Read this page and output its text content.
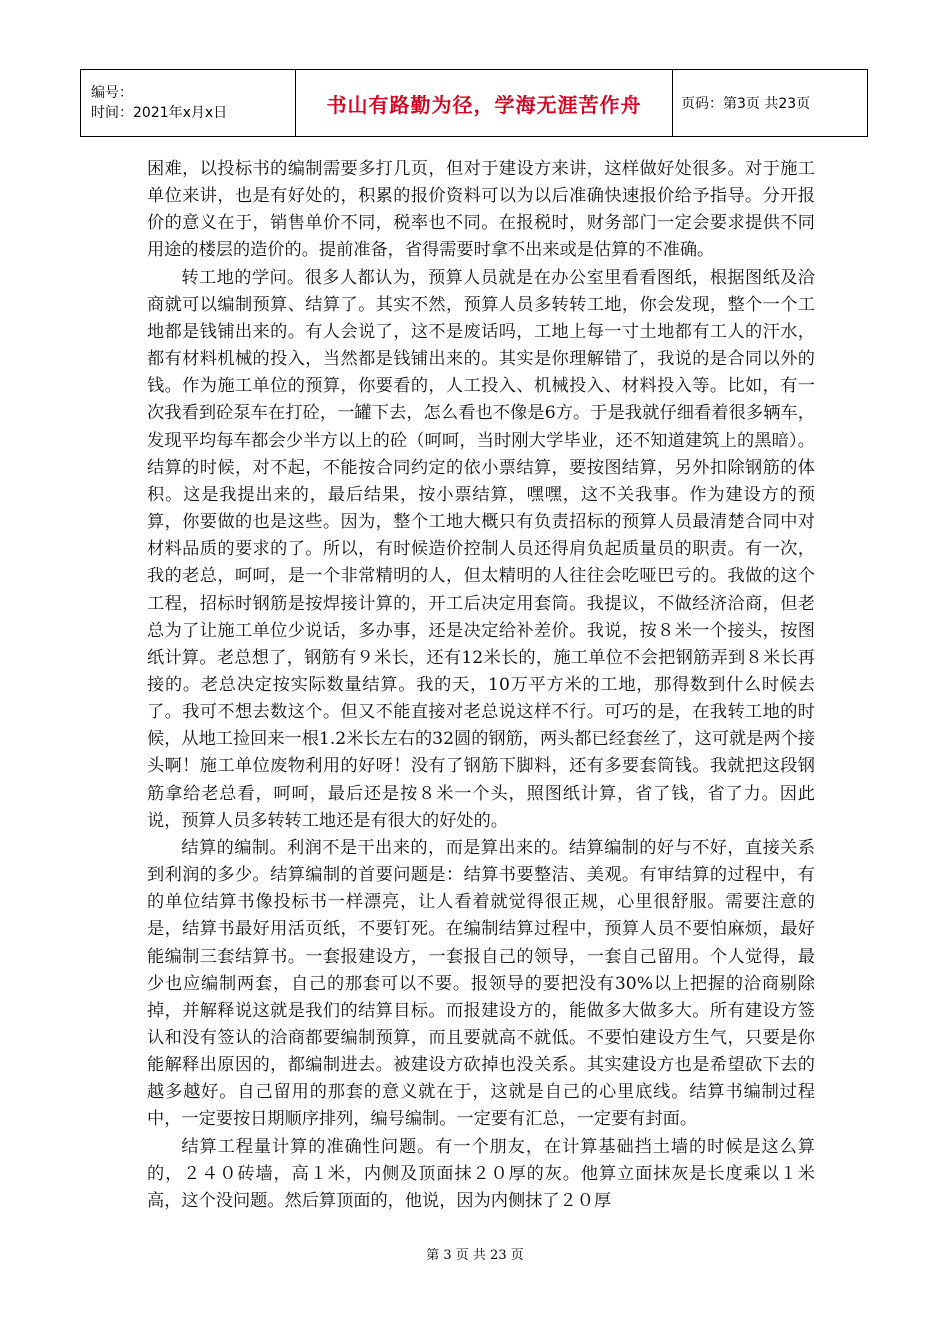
编号：
时间：2021年x月x日	书山有路勤为径，学海无涯苦作舟	页码：第3页 共23页

困难，以投标书的编制需要多打几页，但对于建设方来讲，这样做好处很多。对于施工单位来讲，也是有好处的，积累的报价资料可以为以后准确快速报价给予指导。分开报价的意义在于，销售单价不同，税率也不同。在报税时，财务部门一定会要求提供不同用途的楼层的造价的。提前准备，省得需要时拿不出来或是估算的不准确。

转工地的学问。很多人都认为，预算人员就是在办公室里看看图纸，根据图纸及洽商就可以编制预算、结算了。其实不然，预算人员多转转工地，你会发现，整个一个工地都是钱铺出来的。有人会说了，这不是废话吗，工地上每一寸土地都有工人的汗水，都有材料机械的投入，当然都是钱铺出来的。其实是你理解错了，我说的是合同以外的钱。作为施工单位的预算，你要看的，人工投入、机械投入、材料投入等。比如，有一次我看到砼泵车在打砼，一罐下去，怎么看也不像是6方。于是我就仔细看着很多辆车，发现平均每车都会少半方以上的砼（呵呵，当时刚大学毕业，还不知道建筑上的黑暗）。结算的时候，对不起，不能按合同约定的依小票结算，要按图结算，另外扣除钢筋的体积。这是我提出来的，最后结果，按小票结算，嘿嘿，这不关我事。作为建设方的预算，你要做的也是这些。因为，整个工地大概只有负责招标的预算人员最清楚合同中对材料品质的要求的了。所以，有时候造价控制人员还得肩负起质量员的职责。有一次，我的老总，呵呵，是一个非常精明的人，但太精明的人往往会吃哑巴亏的。我做的这个工程，招标时钢筋是按焊接计算的，开工后决定用套筒。我提议，不做经济洽商，但老总为了让施工单位少说话，多办事，还是决定给补差价。我说，按８米一个接头，按图纸计算。老总想了，钢筋有９米长，还有12米长的，施工单位不会把钢筋弄到８米长再接的。老总决定按实际数量结算。我的天，10万平方米的工地，那得数到什么时候去了。我可不想去数这个。但又不能直接对老总说这样不行。可巧的是，在我转工地的时候，从地工捡回来一根1.2米长左右的32圆的钢筋，两头都已经套丝了，这可就是两个接头啊！施工单位废物利用的好呀！没有了钢筋下脚料，还有多要套筒钱。我就把这段钢筋拿给老总看，呵呵，最后还是按８米一个头，照图纸计算，省了钱，省了力。因此说，预算人员多转转工地还是有很大的好处的。

结算的编制。利润不是干出来的，而是算出来的。结算编制的好与不好，直接关系到利润的多少。结算编制的首要问题是：结算书要整洁、美观。有审结算的过程中，有的单位结算书像投标书一样漂亮，让人看着就觉得很正规，心里很舒服。需要注意的是，结算书最好用活页纸，不要钉死。在编制结算过程中，预算人员不要怕麻烦，最好能编制三套结算书。一套报建设方，一套报自己的领导，一套自己留用。个人觉得，最少也应编制两套，自己的那套可以不要。报领导的要把没有30%以上把握的洽商剔除掉，并解释说这就是我们的结算目标。而报建设方的，能做多大做多大。所有建设方签认和没有签认的洽商都要编制预算，而且要就高不就低。不要怕建设方生气，只要是你能解释出原因的，都编制进去。被建设方砍掉也没关系。其实建设方也是希望砍下去的越多越好。自己留用的那套的意义就在于，这就是自己的心里底线。结算书编制过程中，一定要按日期顺序排列，编号编制。一定要有汇总，一定要有封面。

结算工程量计算的准确性问题。有一个朋友，在计算基础挡土墙的时候是这么算的，２４０砖墙，高１米，内侧及顶面抹２０厚的灰。他算立面抹灰是长度乘以１米高，这个没问题。然后算顶面的，他说，因为内侧抹了２０厚

第 3 页 共 23 页
